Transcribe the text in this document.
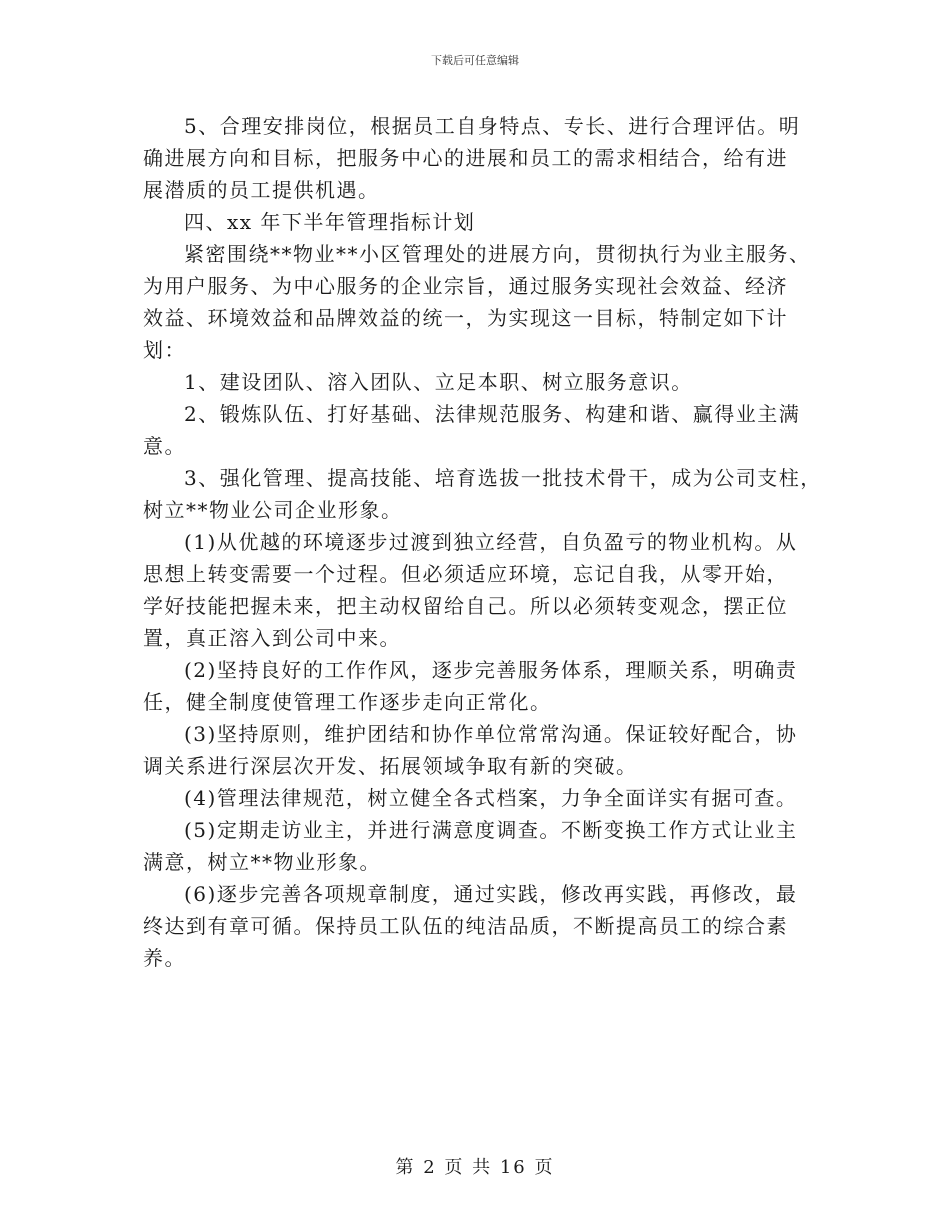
下载后可任意编辑
5、合理安排岗位，根据员工自身特点、专长、进行合理评估。明
确进展方向和目标，把服务中心的进展和员工的需求相结合，给有进
展潜质的员工提供机遇。
四、xx 年下半年管理指标计划
紧密围绕**物业**小区管理处的进展方向，贯彻执行为业主服务、
为用户服务、为中心服务的企业宗旨，通过服务实现社会效益、经济
效益、环境效益和品牌效益的统一，为实现这一目标，特制定如下计
划：
1、建设团队、溶入团队、立足本职、树立服务意识。
2、锻炼队伍、打好基础、法律规范服务、构建和谐、赢得业主满
意。
3、强化管理、提高技能、培育选拔一批技术骨干，成为公司支柱，
树立**物业公司企业形象。
(1)从优越的环境逐步过渡到独立经营，自负盈亏的物业机构。从
思想上转变需要一个过程。但必须适应环境，忘记自我，从零开始，
学好技能把握未来，把主动权留给自己。所以必须转变观念，摆正位
置，真正溶入到公司中来。
(2)坚持良好的工作作风，逐步完善服务体系，理顺关系，明确责
任，健全制度使管理工作逐步走向正常化。
(3)坚持原则，维护团结和协作单位常常沟通。保证较好配合，协
调关系进行深层次开发、拓展领域争取有新的突破。
(4)管理法律规范，树立健全各式档案，力争全面详实有据可查。
(5)定期走访业主，并进行满意度调查。不断变换工作方式让业主
满意，树立**物业形象。
(6)逐步完善各项规章制度，通过实践，修改再实践，再修改，最
终达到有章可循。保持员工队伍的纯洁品质，不断提高员工的综合素
养。
第 2 页 共 16 页
